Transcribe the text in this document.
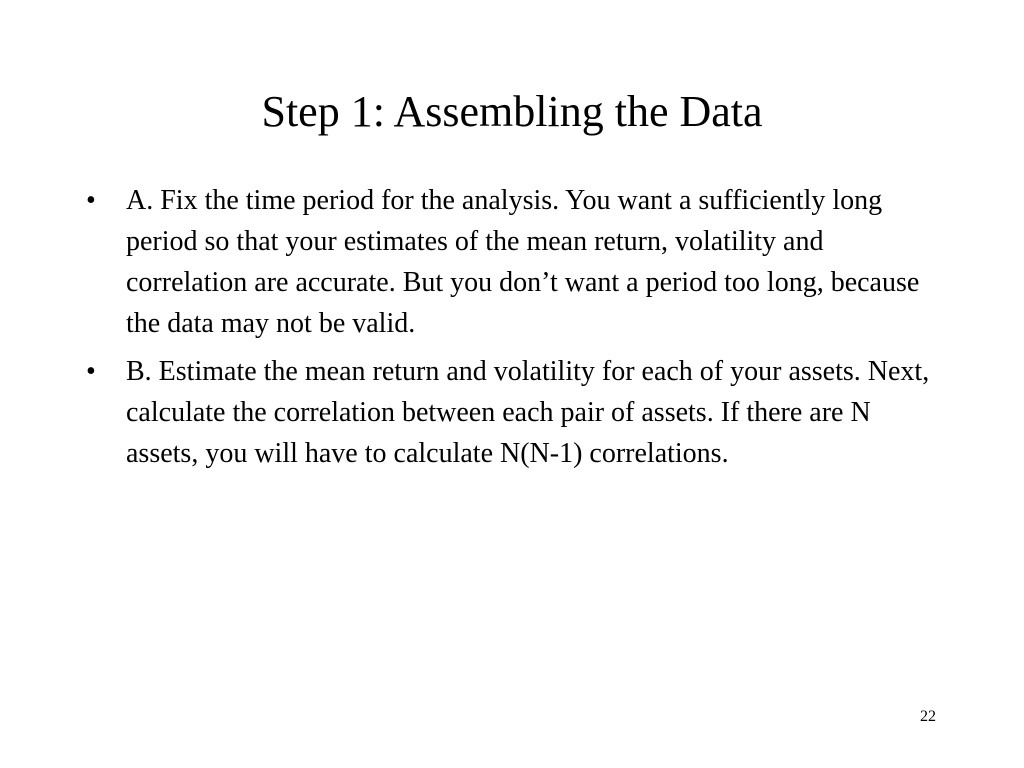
Step 1: Assembling the Data
•	A. Fix the time period for the analysis. You want a sufficiently long period so that your estimates of the mean return, volatility and correlation are accurate. But you don’t want a period too long, because the data may not be valid.
•	B. Estimate the mean return and volatility for each of your assets. Next, calculate the correlation between each pair of assets. If there are N assets, you will have to calculate N(N-1) correlations.
22
